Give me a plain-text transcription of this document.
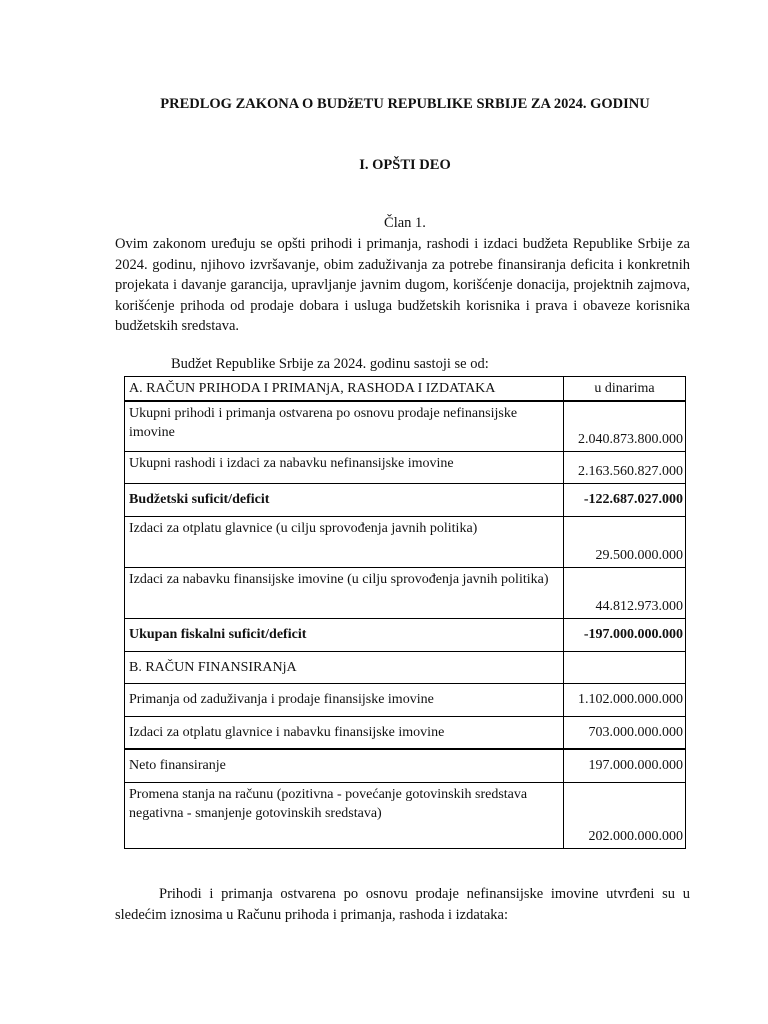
PREDLOG ZAKONA O BUDžETU REPUBLIKE SRBIJE ZA 2024. GODINU
I. OPŠTI DEO
Član 1.

Ovim zakonom uređuju se opšti prihodi i primanja, rashodi i izdaci budžeta Republike Srbije za 2024. godinu, njihovo izvršavanje, obim zaduživanja za potrebe finansiranja deficita i konkretnih projekata i davanje garancija, upravljanje javnim dugom, korišćenje donacija, projektnih zajmova, korišćenje prihoda od prodaje dobara i usluga budžetskih korisnika i prava i obaveze korisnika budžetskih sredstava.

Budžet Republike Srbije za 2024. godinu sastoji se od:
A. RAČUN PRIHODA I PRIMANjA, RASHODA I IZDATAKA	u dinarima
Ukupni prihodi i primanja ostvarena po osnovu prodaje nefinansijske imovine	2.040.873.800.000
Ukupni rashodi i izdaci za nabavku nefinansijske imovine	2.163.560.827.000
Budžetski suficit/deficit	-122.687.027.000
Izdaci za otplatu glavnice (u cilju sprovođenja javnih politika)	29.500.000.000
Izdaci za nabavku finansijske imovine (u cilju sprovođenja javnih politika)	44.812.973.000
Ukupan fiskalni suficit/deficit	-197.000.000.000
B. RAČUN FINANSIRANjA	
Primanja od zaduživanja i prodaje finansijske imovine	1.102.000.000.000
Izdaci za otplatu glavnice i nabavku finansijske imovine	703.000.000.000
Neto finansiranje	197.000.000.000
Promena stanja na računu (pozitivna - povećanje gotovinskih sredstava negativna - smanjenje gotovinskih sredstava)	202.000.000.000

Prihodi i primanja ostvarena po osnovu prodaje nefinansijske imovine utvrđeni su u sledećim iznosima u Računu prihoda i primanja, rashoda i izdataka:
